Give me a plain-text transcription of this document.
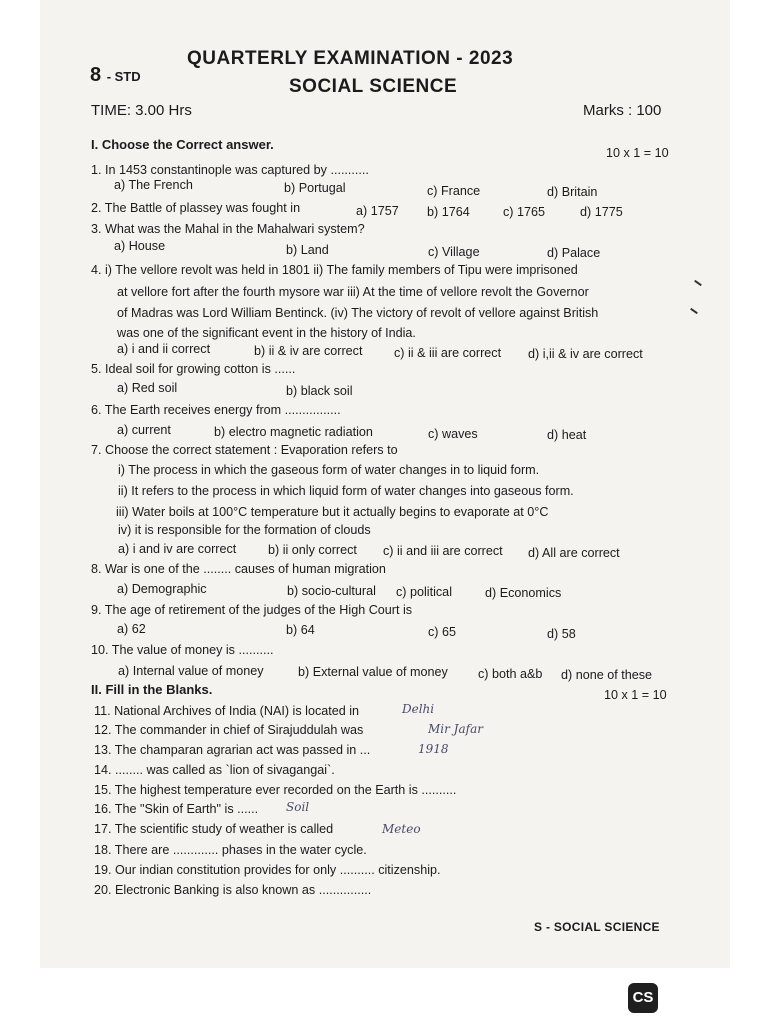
QUARTERLY EXAMINATION - 2023
8 - STD	SOCIAL SCIENCE
TIME: 3.00 Hrs	Marks : 100
I. Choose the Correct answer.
10 x 1 = 10
1. In 1453 constantinople was captured by ...........
a) The French	b) Portugal	c) France	d) Britain
2. The Battle of plassey was fought in	a) 1757 b) 1764	c) 1765	d) 1775
3. What was the Mahal in the Mahalwari system?
a) House	b) Land	c) Village	d) Palace
4. i) The vellore revolt was held in 1801 ii) The family members of Tipu were imprisoned
at vellore fort after the fourth mysore war iii) At the time of vellore revolt the Governor
of Madras was Lord William Bentinck. (iv) The victory of revolt of vellore against British
was one of the significant event in the history of India.
a) i and ii correct	b) ii & iv are correct	c) ii & iii are correct d) i,ii & iv are correct
5. Ideal soil for growing cotton is ......
a) Red soil	b) black soil
6. The Earth receives energy from ................
a) current	b) electro magnetic radiation	c) waves	d) heat
7. Choose the correct statement : Evaporation refers to
i) The process in which the gaseous form of water changes in to liquid form.
ii) It refers to the process in which liquid form of water changes into gaseous form.
iii) Water boils at 100°C temperature but it actually begins to evaporate at 0°C
iv) it is responsible for the formation of clouds
a) i and iv are correct	b) ii only correct c) ii and iii are correct d) All are correct
8. War is one of the ........ causes of human migration
a) Demographic	b) socio-cultural c) political	d) Economics
9. The age of retirement of the judges of the High Court is
a) 62	b) 64	c) 65	d) 58
10. The value of money is ..........
a) Internal value of money	b) External value of money c) both a&b d) none of these
II. Fill in the Blanks.	10 x 1 = 10
11. National Archives of India (NAI) is located in	Delhi
12. The commander in chief of Sirajuddulah was	Mir Jafar
13. The champaran agrarian act was passed in ...	1918
14. ........ was called as `lion of sivagangai`.
15. The highest temperature ever recorded on the Earth is ..........
16. The "Skin of Earth" is ...... Soil
17. The scientific study of weather is called	Meteo
18. There are ............. phases in the water cycle.
19. Our indian constitution provides for only .......... citizenship.
20. Electronic Banking is also known as ...............
S - SOCIAL SCIENCE
CS
